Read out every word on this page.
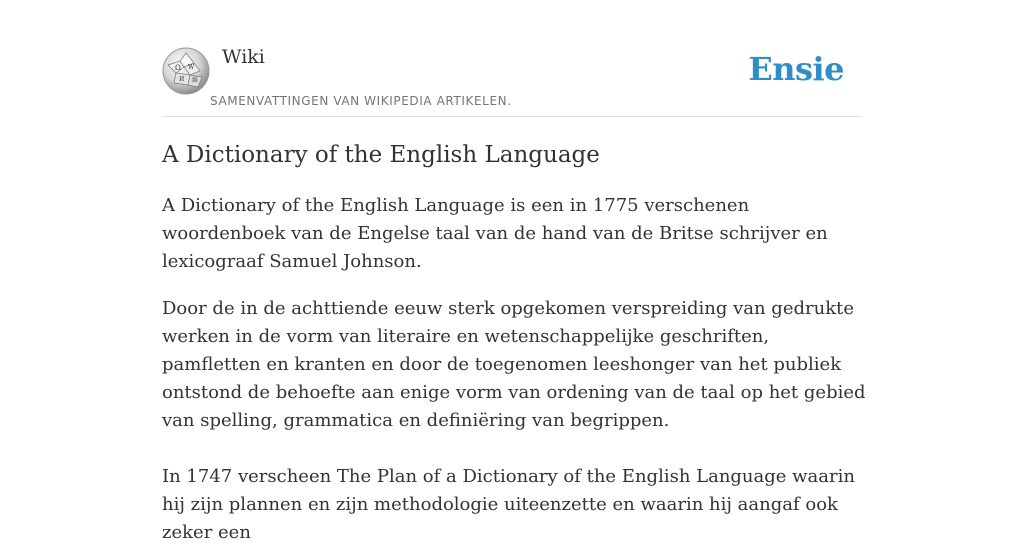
Ω W
И 維
Wiki
SAMENVATTINGEN VAN WIKIPEDIA ARTIKELEN.
Ensie
A Dictionary of the English Language

A Dictionary of the English Language is een in 1775 verschenen woordenboek van de Engelse taal van de hand van de Britse schrijver en lexicograaf Samuel Johnson.

Door de in de achttiende eeuw sterk opgekomen verspreiding van gedrukte werken in de vorm van literaire en wetenschappelijke geschriften, pamfletten en kranten en door de toegenomen leeshonger van het publiek ontstond de behoefte aan enige vorm van ordening van de taal op het gebied van spelling, grammatica en definiëring van begrippen.

In 1747 verscheen The Plan of a Dictionary of the English Language waarin hij zijn plannen en zijn methodologie uiteenzette en waarin hij aangaf ook zeker een
